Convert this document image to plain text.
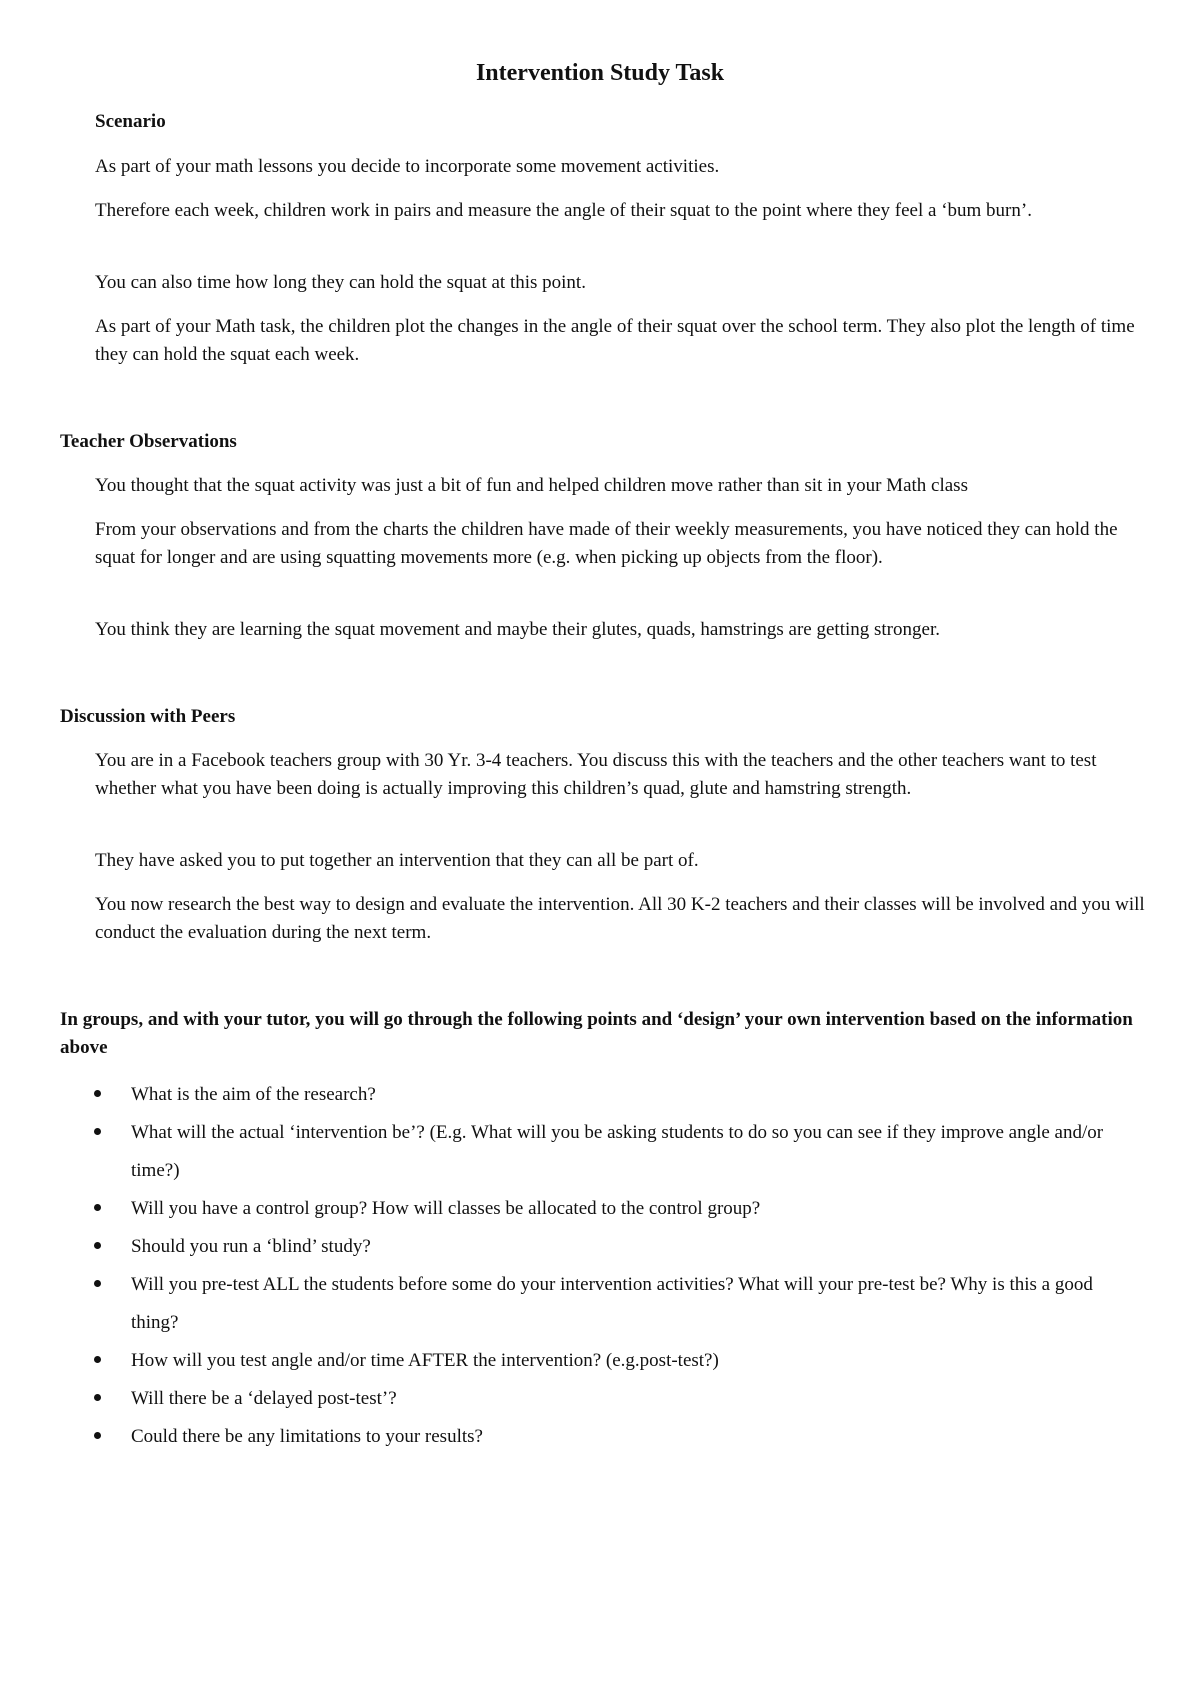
Intervention Study Task
Scenario
As part of your math lessons you decide to incorporate some movement activities.
Therefore each week, children work in pairs and measure the angle of their squat to the point where they feel a ‘bum burn’.
You can also time how long they can hold the squat at this point.
As part of your Math task, the children plot the changes in the angle of their squat over the school term. They also plot the length of time they can hold the squat each week.
Teacher Observations
You thought that the squat activity was just a bit of fun and helped children move rather than sit in your Math class
From your observations and from the charts the children have made of their weekly measurements, you have noticed they can hold the squat for longer and are using squatting movements more (e.g. when picking up objects from the floor).
You think they are learning the squat movement and maybe their glutes, quads, hamstrings are getting stronger.
Discussion with Peers
You are in a Facebook teachers group with 30 Yr. 3-4 teachers. You discuss this with the teachers and the other teachers want to test whether what you have been doing is actually improving this children’s quad, glute and hamstring strength.
They have asked you to put together an intervention that they can all be part of.
You now research the best way to design and evaluate the intervention. All 30 K-2 teachers and their classes will be involved and you will conduct the evaluation during the next term.
In groups, and with your tutor, you will go through the following points and ‘design’ your own intervention based on the information above
What is the aim of the research?
What will the actual ‘intervention be’? (E.g. What will you be asking students to do so you can see if they improve angle and/or time?)
Will you have a control group? How will classes be allocated to the control group?
Should you run a ‘blind’ study?
Will you pre-test ALL the students before some do your intervention activities? What will your pre-test be? Why is this a good thing?
How will you test angle and/or time AFTER the intervention? (e.g.post-test?)
Will there be a ‘delayed post-test’?
Could there be any limitations to your results?
